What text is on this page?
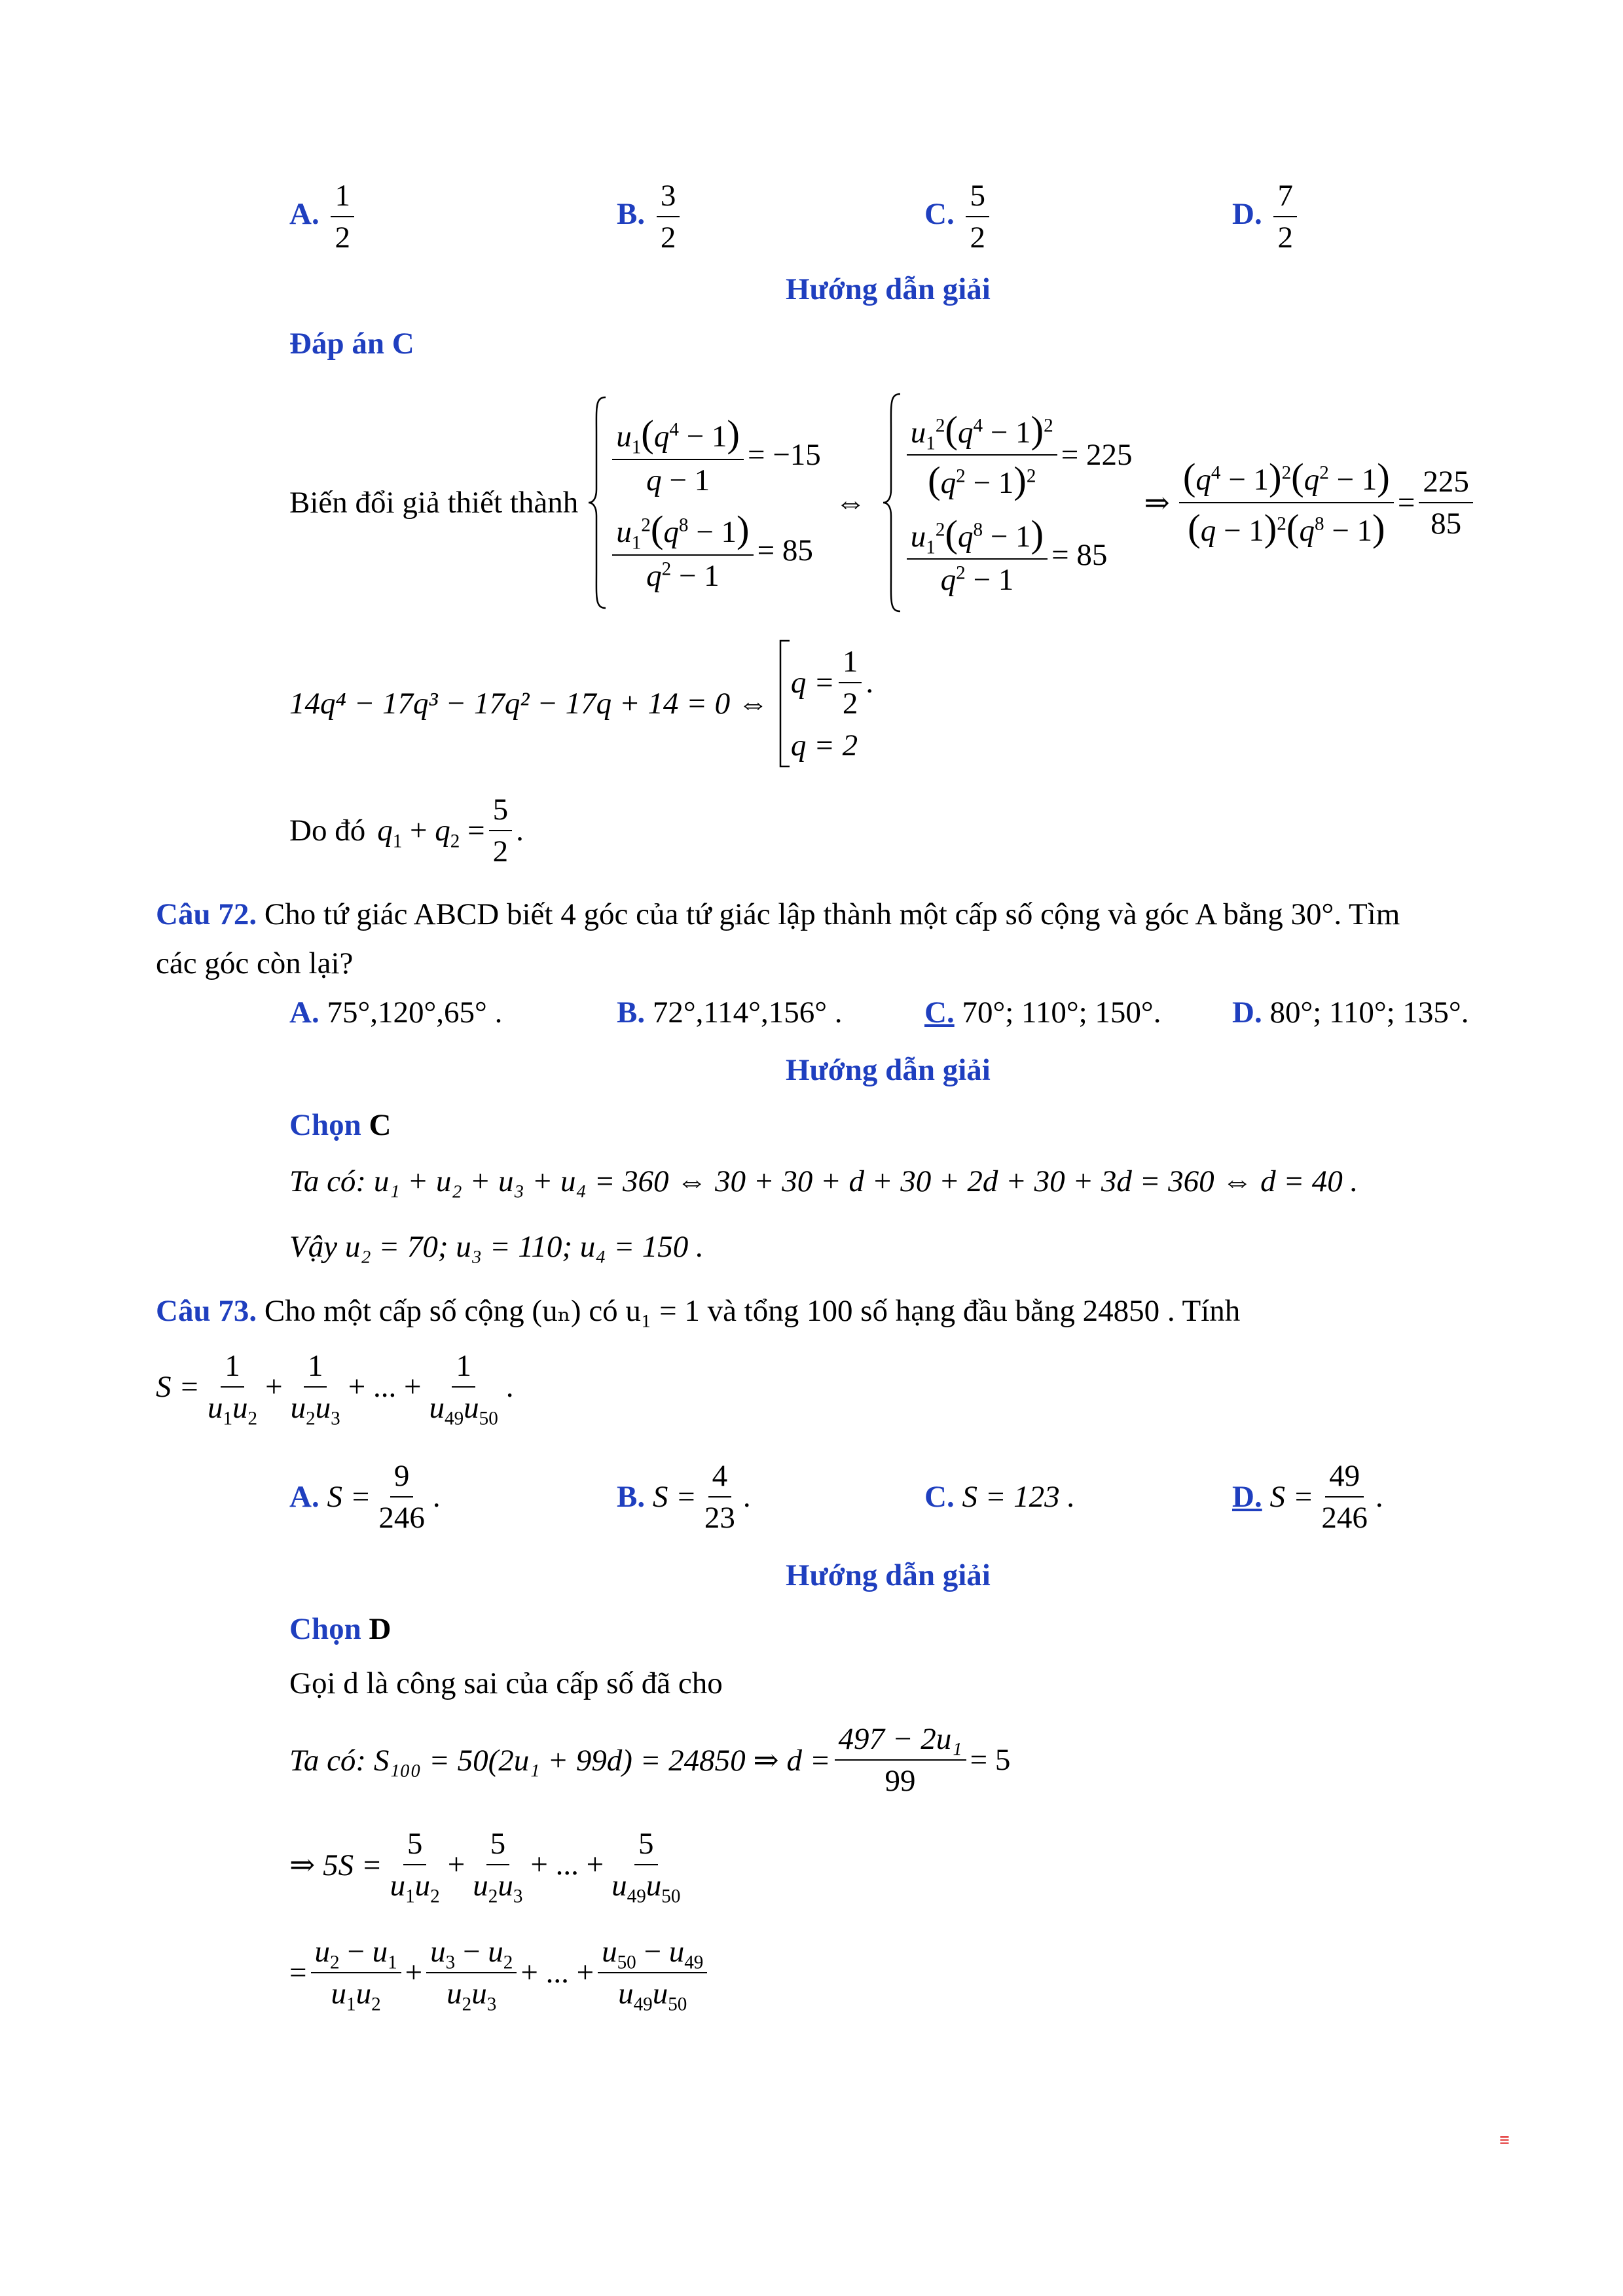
A. $\frac{1}{2}$	B. $\frac{3}{2}$	C. $\frac{5}{2}$	D. $\frac{7}{2}$
Hướng dẫn giải
Đáp án C
Biến đổi giả thiết thành
$\frac{u_1(q^4 - 1)}{q - 1} = -15$
$\frac{u_1^2(q^8 - 1)}{q^2 - 1} = 85$
⇔
$\frac{u_1^2(q^4 - 1)^2}{(q^2 - 1)^2} = 225$
$\frac{u_1^2(q^8 - 1)}{q^2 - 1} = 85$
⇒ $\frac{(q^4 - 1)^2(q^2 - 1)}{(q - 1)^2(q^8 - 1)} = \frac{225}{85}$
14q⁴ − 17q³ − 17q² − 17q + 14 = 0 ⇔
$q = \frac{1}{2}$ .
q = 2
Do đó $q_1 + q_2 = \frac{5}{2}$ .
Câu 72. Cho tứ giác ABCD biết 4 góc của tứ giác lập thành một cấp số cộng và góc A bằng 30°. Tìm
các góc còn lại?
A. 75°,120°,65° .	B. 72°,114°,156° .	C. 70°; 110°; 150°. D. 80°; 110°; 135°.
Hướng dẫn giải
Chọn C
Ta có: u₁ + u₂ + u₃ + u₄ = 360 ⇔ 30 + 30 + d + 30 + 2d + 30 + 3d = 360 ⇔ d = 40 .
Vậy u₂ = 70; u₃ = 110; u₄ = 150 .
Câu 73. Cho một cấp số cộng (uₙ) có u₁ = 1 và tổng 100 số hạng đầu bằng 24850 . Tính
$S = \frac{1}{u_1u_2} + \frac{1}{u_2u_3}$ + ... + $\frac{1}{u_{49}u_{50}}$ .
A.
$S = \frac{9}{246}$ .	B.
$S = \frac{4}{23}$ .	C. S = 123 .	D.
$S = \frac{49}{246}$ .
Hướng dẫn giải
Chọn D
Gọi d là công sai của cấp số đã cho
Ta có: S₁₀₀ = 50(2u₁ + 99d) = 24850 ⇒ $d = \frac{\text{497 − 2u₁}}{99} = 5$
⇒ $5S = \frac{5}{u_1u_2} + \frac{5}{u_2u_3}$ + ... + $\frac{5}{u_{49}u_{50}}$
= $\frac{u_2 - u_1}{u_1u_2} + \frac{u_3 - u_2}{u_2u_3}$ + ... + $\frac{u_{50} - u_{49}}{u_{49}u_{50}}$
≡
